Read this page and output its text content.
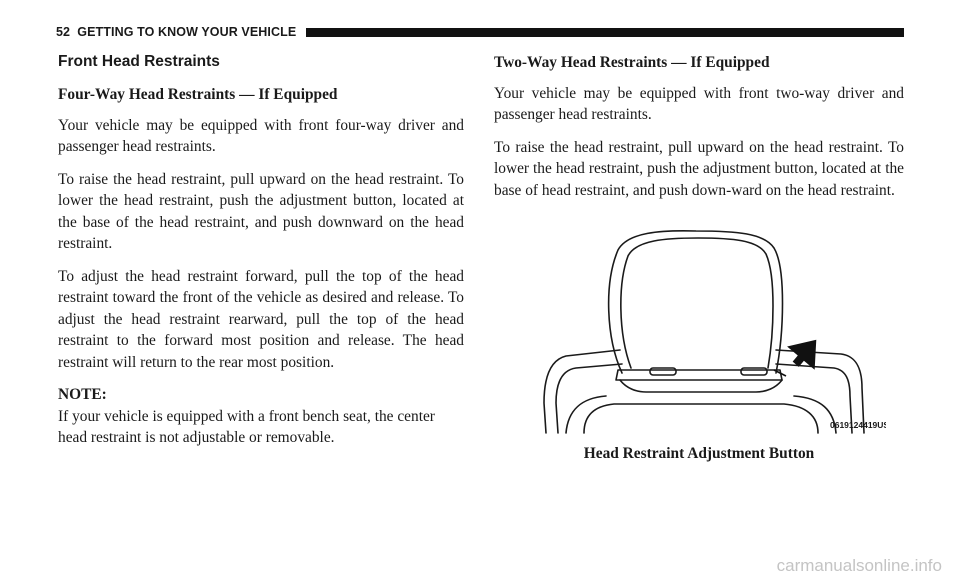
52 GETTING TO KNOW YOUR VEHICLE
Front Head Restraints
Four-Way Head Restraints — If Equipped

Your vehicle may be equipped with front four-way driver and passenger head restraints.

To raise the head restraint, pull upward on the head restraint. To lower the head restraint, push the adjustment button, located at the base of the head restraint, and push downward on the head restraint.

To adjust the head restraint forward, pull the top of the head restraint toward the front of the vehicle as desired and release. To adjust the head restraint rearward, pull the top of the head restraint to the forward most position and release. The head restraint will return to the rear most position.

NOTE:

If your vehicle is equipped with a front bench seat, the center head restraint is not adjustable or removable.

Two-Way Head Restraints — If Equipped

Your vehicle may be equipped with front two-way driver and passenger head restraints.

To raise the head restraint, pull upward on the head restraint. To lower the head restraint, push the adjustment button, located at the base of head restraint, and push down-ward on the head restraint.

0619124419US
Head Restraint Adjustment Button
carmanualsonline.info
